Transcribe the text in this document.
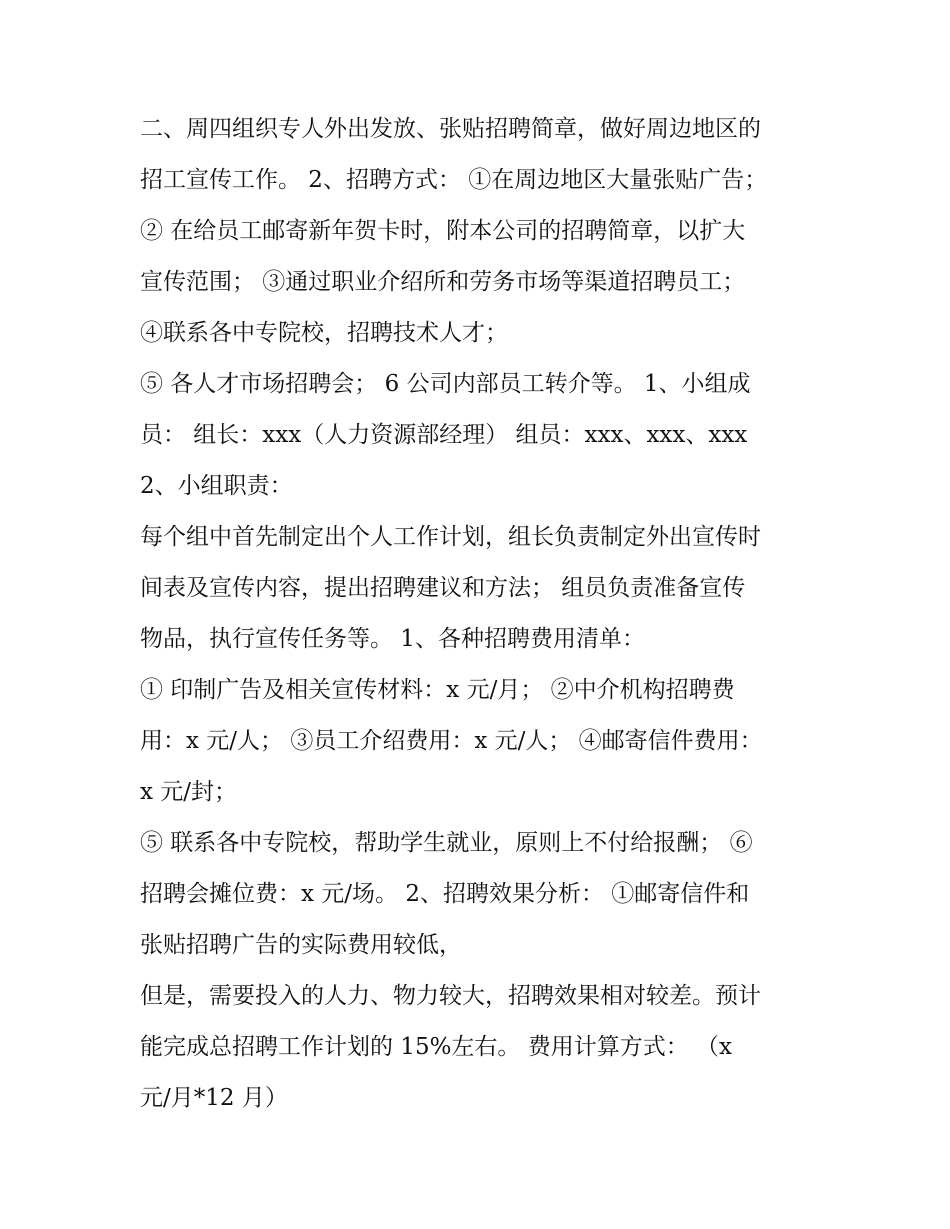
二、周四组织专人外出发放、张贴招聘简章，做好周边地区的
招工宣传工作。 2、招聘方式： ①在周边地区大量张贴广告；
② 在给员工邮寄新年贺卡时，附本公司的招聘简章，以扩大
宣传范围； ③通过职业介绍所和劳务市场等渠道招聘员工；
④联系各中专院校，招聘技术人才；
⑤ 各人才市场招聘会； 6 公司内部员工转介等。 1、小组成
员： 组长：xxx（人力资源部经理） 组员：xxx、xxx、xxx
2、小组职责：
每个组中首先制定出个人工作计划，组长负责制定外出宣传时
间表及宣传内容，提出招聘建议和方法； 组员负责准备宣传
物品，执行宣传任务等。 1、各种招聘费用清单：
① 印制广告及相关宣传材料：x 元/月； ②中介机构招聘费
用：x 元/人； ③员工介绍费用：x 元/人； ④邮寄信件费用：
x 元/封；
⑤ 联系各中专院校，帮助学生就业，原则上不付给报酬； ⑥
招聘会摊位费：x 元/场。 2、招聘效果分析： ①邮寄信件和
张贴招聘广告的实际费用较低，
但是，需要投入的人力、物力较大，招聘效果相对较差。预计
能完成总招聘工作计划的 15%左右。 费用计算方式： （x
元/月*12 月）
